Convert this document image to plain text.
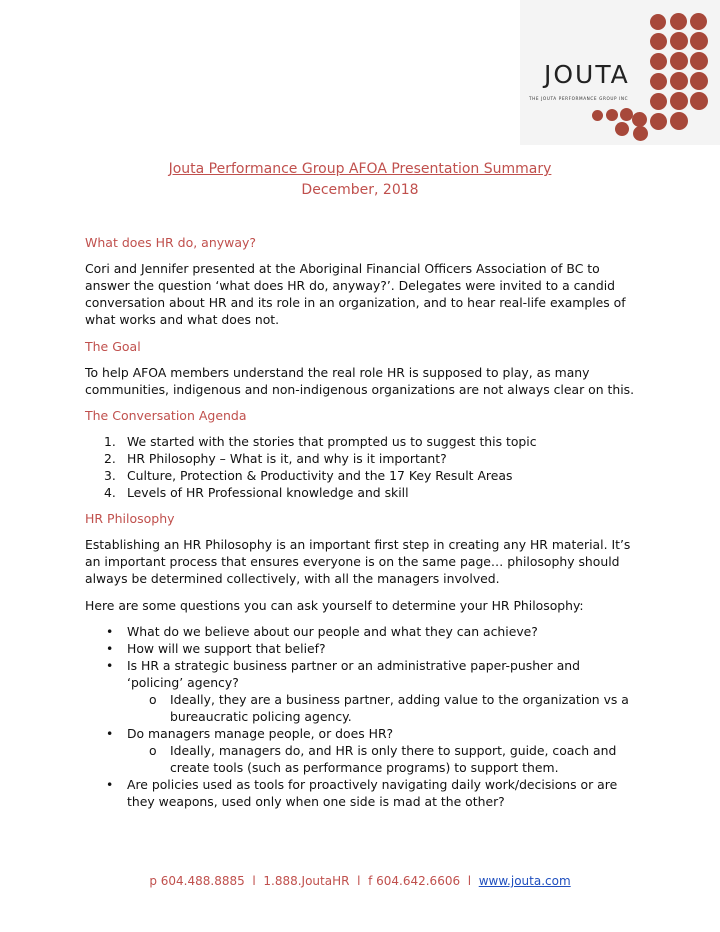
JOUTA
THE JOUTA PERFORMANCE GROUP INC
Jouta Performance Group AFOA Presentation Summary
December, 2018
What does HR do, anyway?
Cori and Jennifer presented at the Aboriginal Financial Officers Association of BC to answer the question ‘what does HR do, anyway?’. Delegates were invited to a candid conversation about HR and its role in an organization, and to hear real-life examples of what works and what does not.
The Goal
To help AFOA members understand the real role HR is supposed to play, as many communities, indigenous and non-indigenous organizations are not always clear on this.
The Conversation Agenda
1. We started with the stories that prompted us to suggest this topic
2. HR Philosophy – What is it, and why is it important?
3. Culture, Protection & Productivity and the 17 Key Result Areas
4. Levels of HR Professional knowledge and skill
HR Philosophy
Establishing an HR Philosophy is an important first step in creating any HR material. It’s an important process that ensures everyone is on the same page… philosophy should always be determined collectively, with all the managers involved.
Here are some questions you can ask yourself to determine your HR Philosophy:
• What do we believe about our people and what they can achieve?
• How will we support that belief?
• Is HR a strategic business partner or an administrative paper-pusher and ‘policing’ agency?
o Ideally, they are a business partner, adding value to the organization vs a bureaucratic policing agency.
• Do managers manage people, or does HR?
o Ideally, managers do, and HR is only there to support, guide, coach and create tools (such as performance programs) to support them.
• Are policies used as tools for proactively navigating daily work/decisions or are they weapons, used only when one side is mad at the other?
p 604.488.8885 l 1.888.JoutaHR l f 604.642.6606 l www.jouta.com
